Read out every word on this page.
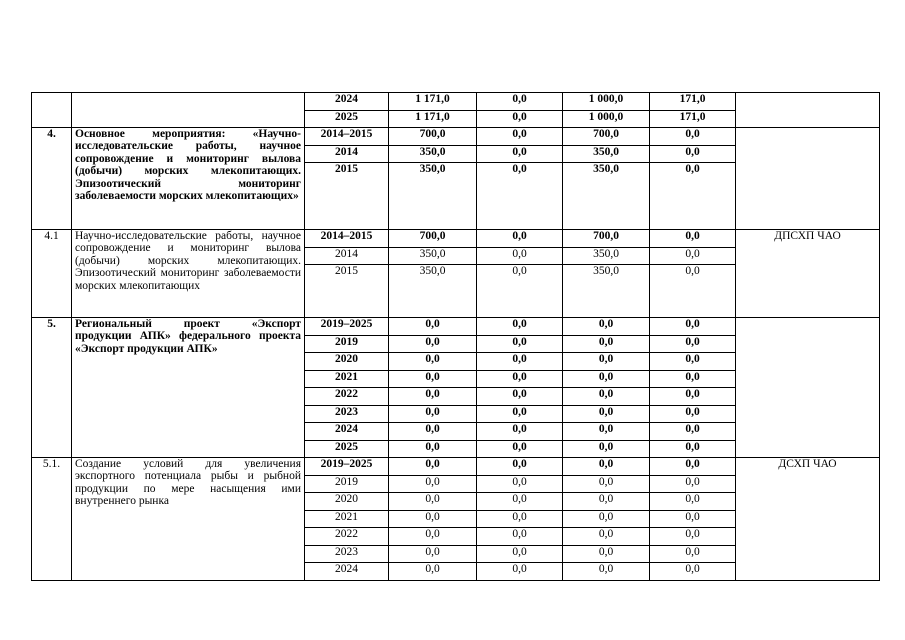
		2024	1 171,0	0,0	1 000,0	171,0	
		2025	1 171,0	0,0	1 000,0	171,0	
4.	Основное мероприятия: «Научно-исследовательские работы, научное сопровождение и мониторинг вылова (добычи) морских млекопитающих. Эпизоотический мониторинг заболеваемости морских млекопитающих»	2014–2015	700,0	0,0	700,0	0,0	
		2014	350,0	0,0	350,0	0,0	
		2015	350,0	0,0	350,0	0,0	
4.1	Научно-исследовательские работы, научное сопровождение и мониторинг вылова (добычи) морских млекопитающих. Эпизоотический мониторинг заболеваемости морских млекопитающих	2014–2015	700,0	0,0	700,0	0,0	ДПСХП ЧАО
		2014	350,0	0,0	350,0	0,0	
		2015	350,0	0,0	350,0	0,0	
5.	Региональный проект «Экспорт продукции АПК» федерального проекта «Экспорт продукции АПК»	2019–2025	0,0	0,0	0,0	0,0	
		2019	0,0	0,0	0,0	0,0	
		2020	0,0	0,0	0,0	0,0	
		2021	0,0	0,0	0,0	0,0	
		2022	0,0	0,0	0,0	0,0	
		2023	0,0	0,0	0,0	0,0	
		2024	0,0	0,0	0,0	0,0	
		2025	0,0	0,0	0,0	0,0	
5.1.	Создание условий для увеличения экспортного потенциала рыбы и рыбной продукции по мере насыщения ими внутреннего рынка	2019–2025	0,0	0,0	0,0	0,0	ДСХП ЧАО
		2019	0,0	0,0	0,0	0,0	
		2020	0,0	0,0	0,0	0,0	
		2021	0,0	0,0	0,0	0,0	
		2022	0,0	0,0	0,0	0,0	
		2023	0,0	0,0	0,0	0,0	
		2024	0,0	0,0	0,0	0,0	
